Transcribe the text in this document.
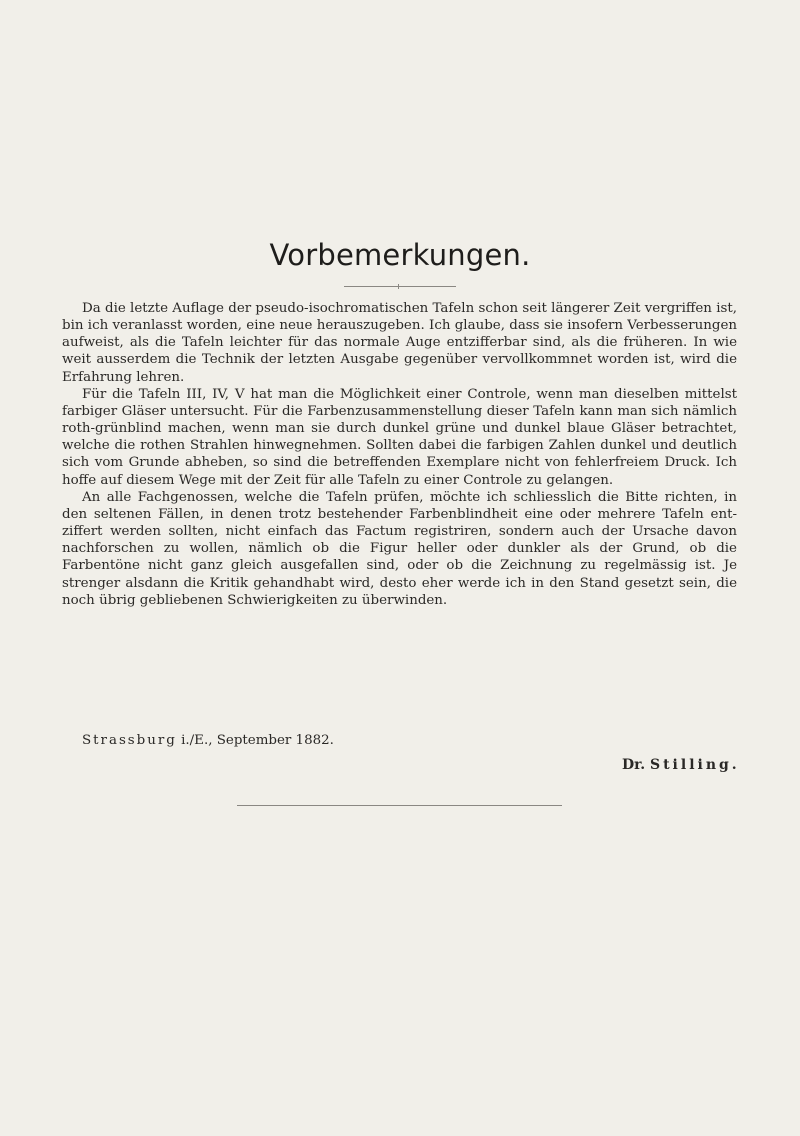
Vorbemerkungen.

Da die letzte Auflage der pseudo-isochromatischen Tafeln schon seit längerer Zeit vergriffen ist, bin ich veranlasst worden, eine neue herauszugeben. Ich glaube, dass sie insofern Verbesserungen aufweist, als die Tafeln leichter für das normale Auge entzifferbar sind, als die früheren. In wie weit ausserdem die Technik der letzten Ausgabe gegenüber vervollkommnet worden ist, wird die Erfahrung lehren.

Für die Tafeln III, IV, V hat man die Möglichkeit einer Controle, wenn man dieselben mittelst farbiger Gläser untersucht. Für die Farbenzusammenstellung dieser Tafeln kann man sich nämlich roth-grünblind machen, wenn man sie durch dunkel grüne und dunkel blaue Gläser betrachtet, welche die rothen Strahlen hinwegnehmen. Sollten dabei die farbigen Zahlen dunkel und deutlich sich vom Grunde abheben, so sind die betreffenden Exemplare nicht von fehlerfreiem Druck. Ich hoffe auf diesem Wege mit der Zeit für alle Tafeln zu einer Controle zu gelangen.

An alle Fachgenossen, welche die Tafeln prüfen, möchte ich schliesslich die Bitte richten, in den seltenen Fällen, in denen trotz bestehender Farbenblindheit eine oder mehrere Tafeln entziffert werden sollten, nicht einfach das Factum registriren, sondern auch der Ursache davon nachforschen zu wollen, nämlich ob die Figur heller oder dunkler als der Grund, ob die Farbentöne nicht ganz gleich ausgefallen sind, oder ob die Zeichnung zu regelmässig ist. Je strenger alsdann die Kritik gehandhabt wird, desto eher werde ich in den Stand gesetzt sein, die noch übrig gebliebenen Schwierigkeiten zu überwinden.

Strassburg i./E., September 1882.
Dr. Stilling.
